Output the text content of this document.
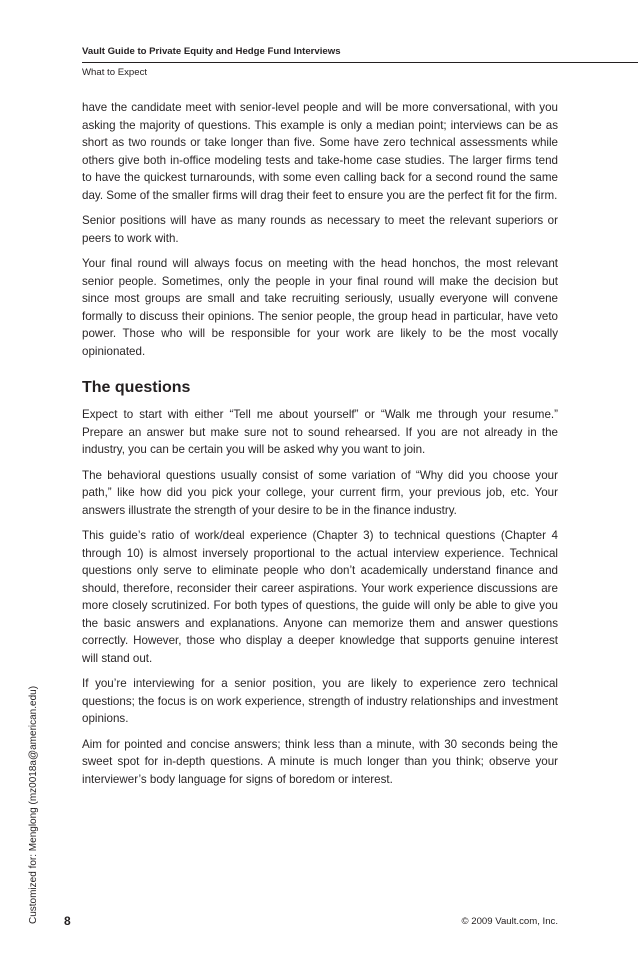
Vault Guide to Private Equity and Hedge Fund Interviews
What to Expect

have the candidate meet with senior-level people and will be more conversational, with you asking the majority of questions. This example is only a median point; interviews can be as short as two rounds or take longer than five. Some have zero technical assessments while others give both in-office modeling tests and take-home case studies. The larger firms tend to have the quickest turnarounds, with some even calling back for a second round the same day. Some of the smaller firms will drag their feet to ensure you are the perfect fit for the firm.

Senior positions will have as many rounds as necessary to meet the relevant superiors or peers to work with.

Your final round will always focus on meeting with the head honchos, the most relevant senior people. Sometimes, only the people in your final round will make the decision but since most groups are small and take recruiting seriously, usually everyone will convene formally to discuss their opinions. The senior people, the group head in particular, have veto power. Those who will be responsible for your work are likely to be the most vocally opinionated.

The questions

Expect to start with either “Tell me about yourself” or “Walk me through your resume.” Prepare an answer but make sure not to sound rehearsed. If you are not already in the industry, you can be certain you will be asked why you want to join.

The behavioral questions usually consist of some variation of “Why did you choose your path,” like how did you pick your college, your current firm, your previous job, etc. Your answers illustrate the strength of your desire to be in the finance industry.

This guide’s ratio of work/deal experience (Chapter 3) to technical questions (Chapter 4 through 10) is almost inversely proportional to the actual interview experience. Technical questions only serve to eliminate people who don’t academically understand finance and should, therefore, reconsider their career aspirations. Your work experience discussions are more closely scrutinized. For both types of questions, the guide will only be able to give you the basic answers and explanations. Anyone can memorize them and answer questions correctly. However, those who display a deeper knowledge that supports genuine interest will stand out.

If you’re interviewing for a senior position, you are likely to experience zero technical questions; the focus is on work experience, strength of industry relationships and investment opinions.

Aim for pointed and concise answers; think less than a minute, with 30 seconds being the sweet spot for in-depth questions. A minute is much longer than you think; observe your interviewer’s body language for signs of boredom or interest.

Customized for: Menglong (mz0018a@american.edu) 8	© 2009 Vault.com, Inc.
